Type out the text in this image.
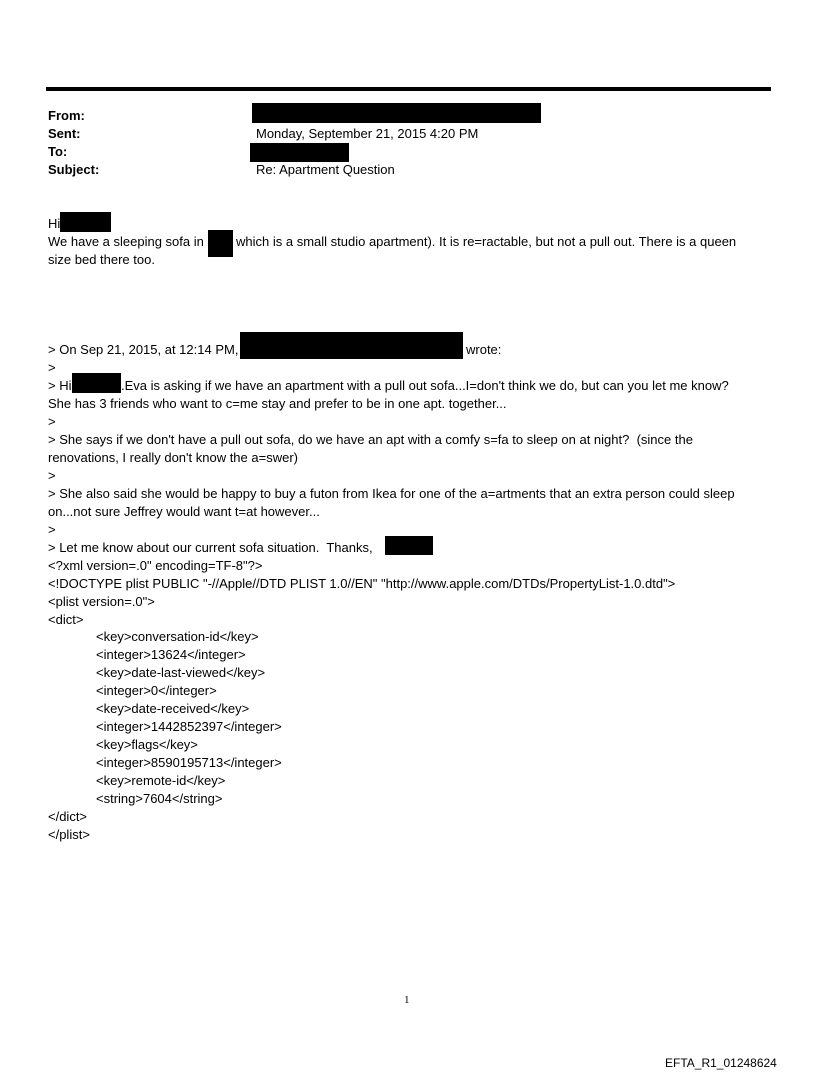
From:
Sent:	Monday, September 21, 2015 4:20 PM
To:
Subject:	Re: Apartment Question
Hi
We have a sleeping sofa in which is a small studio apartment). It is re=ractable, but not a pull out. There is a queen
size bed there too.
> On Sep 21, 2015, at 12:14 PM,	wrote:
>
> Hi	.Eva is asking if we have an apartment with a pull out sofa...I=don't think we do, but can you let me know?
She has 3 friends who want to c=me stay and prefer to be in one apt. together...
>
> She says if we don't have a pull out sofa, do we have an apt with a comfy s=fa to sleep on at night?  (since the
renovations, I really don't know the a=swer)
>
> She also said she would be happy to buy a futon from Ikea for one of the a=artments that an extra person could sleep
on...not sure Jeffrey would want t=at however...
>
> Let me know about our current sofa situation.  Thanks,
<?xml version=.0" encoding=TF-8"?>
<!DOCTYPE plist PUBLIC "-//Apple//DTD PLIST 1.0//EN" "http://www.apple.com/DTDs/PropertyList-1.0.dtd">
<plist version=.0">
<dict>
<key>conversation-id</key>
<integer>13624</integer>
<key>date-last-viewed</key>
<integer>0</integer>
<key>date-received</key>
<integer>1442852397</integer>
<key>flags</key>
<integer>8590195713</integer>
<key>remote-id</key>
<string>7604</string>
</dict>
</plist>
1
EFTA_R1_01248624
